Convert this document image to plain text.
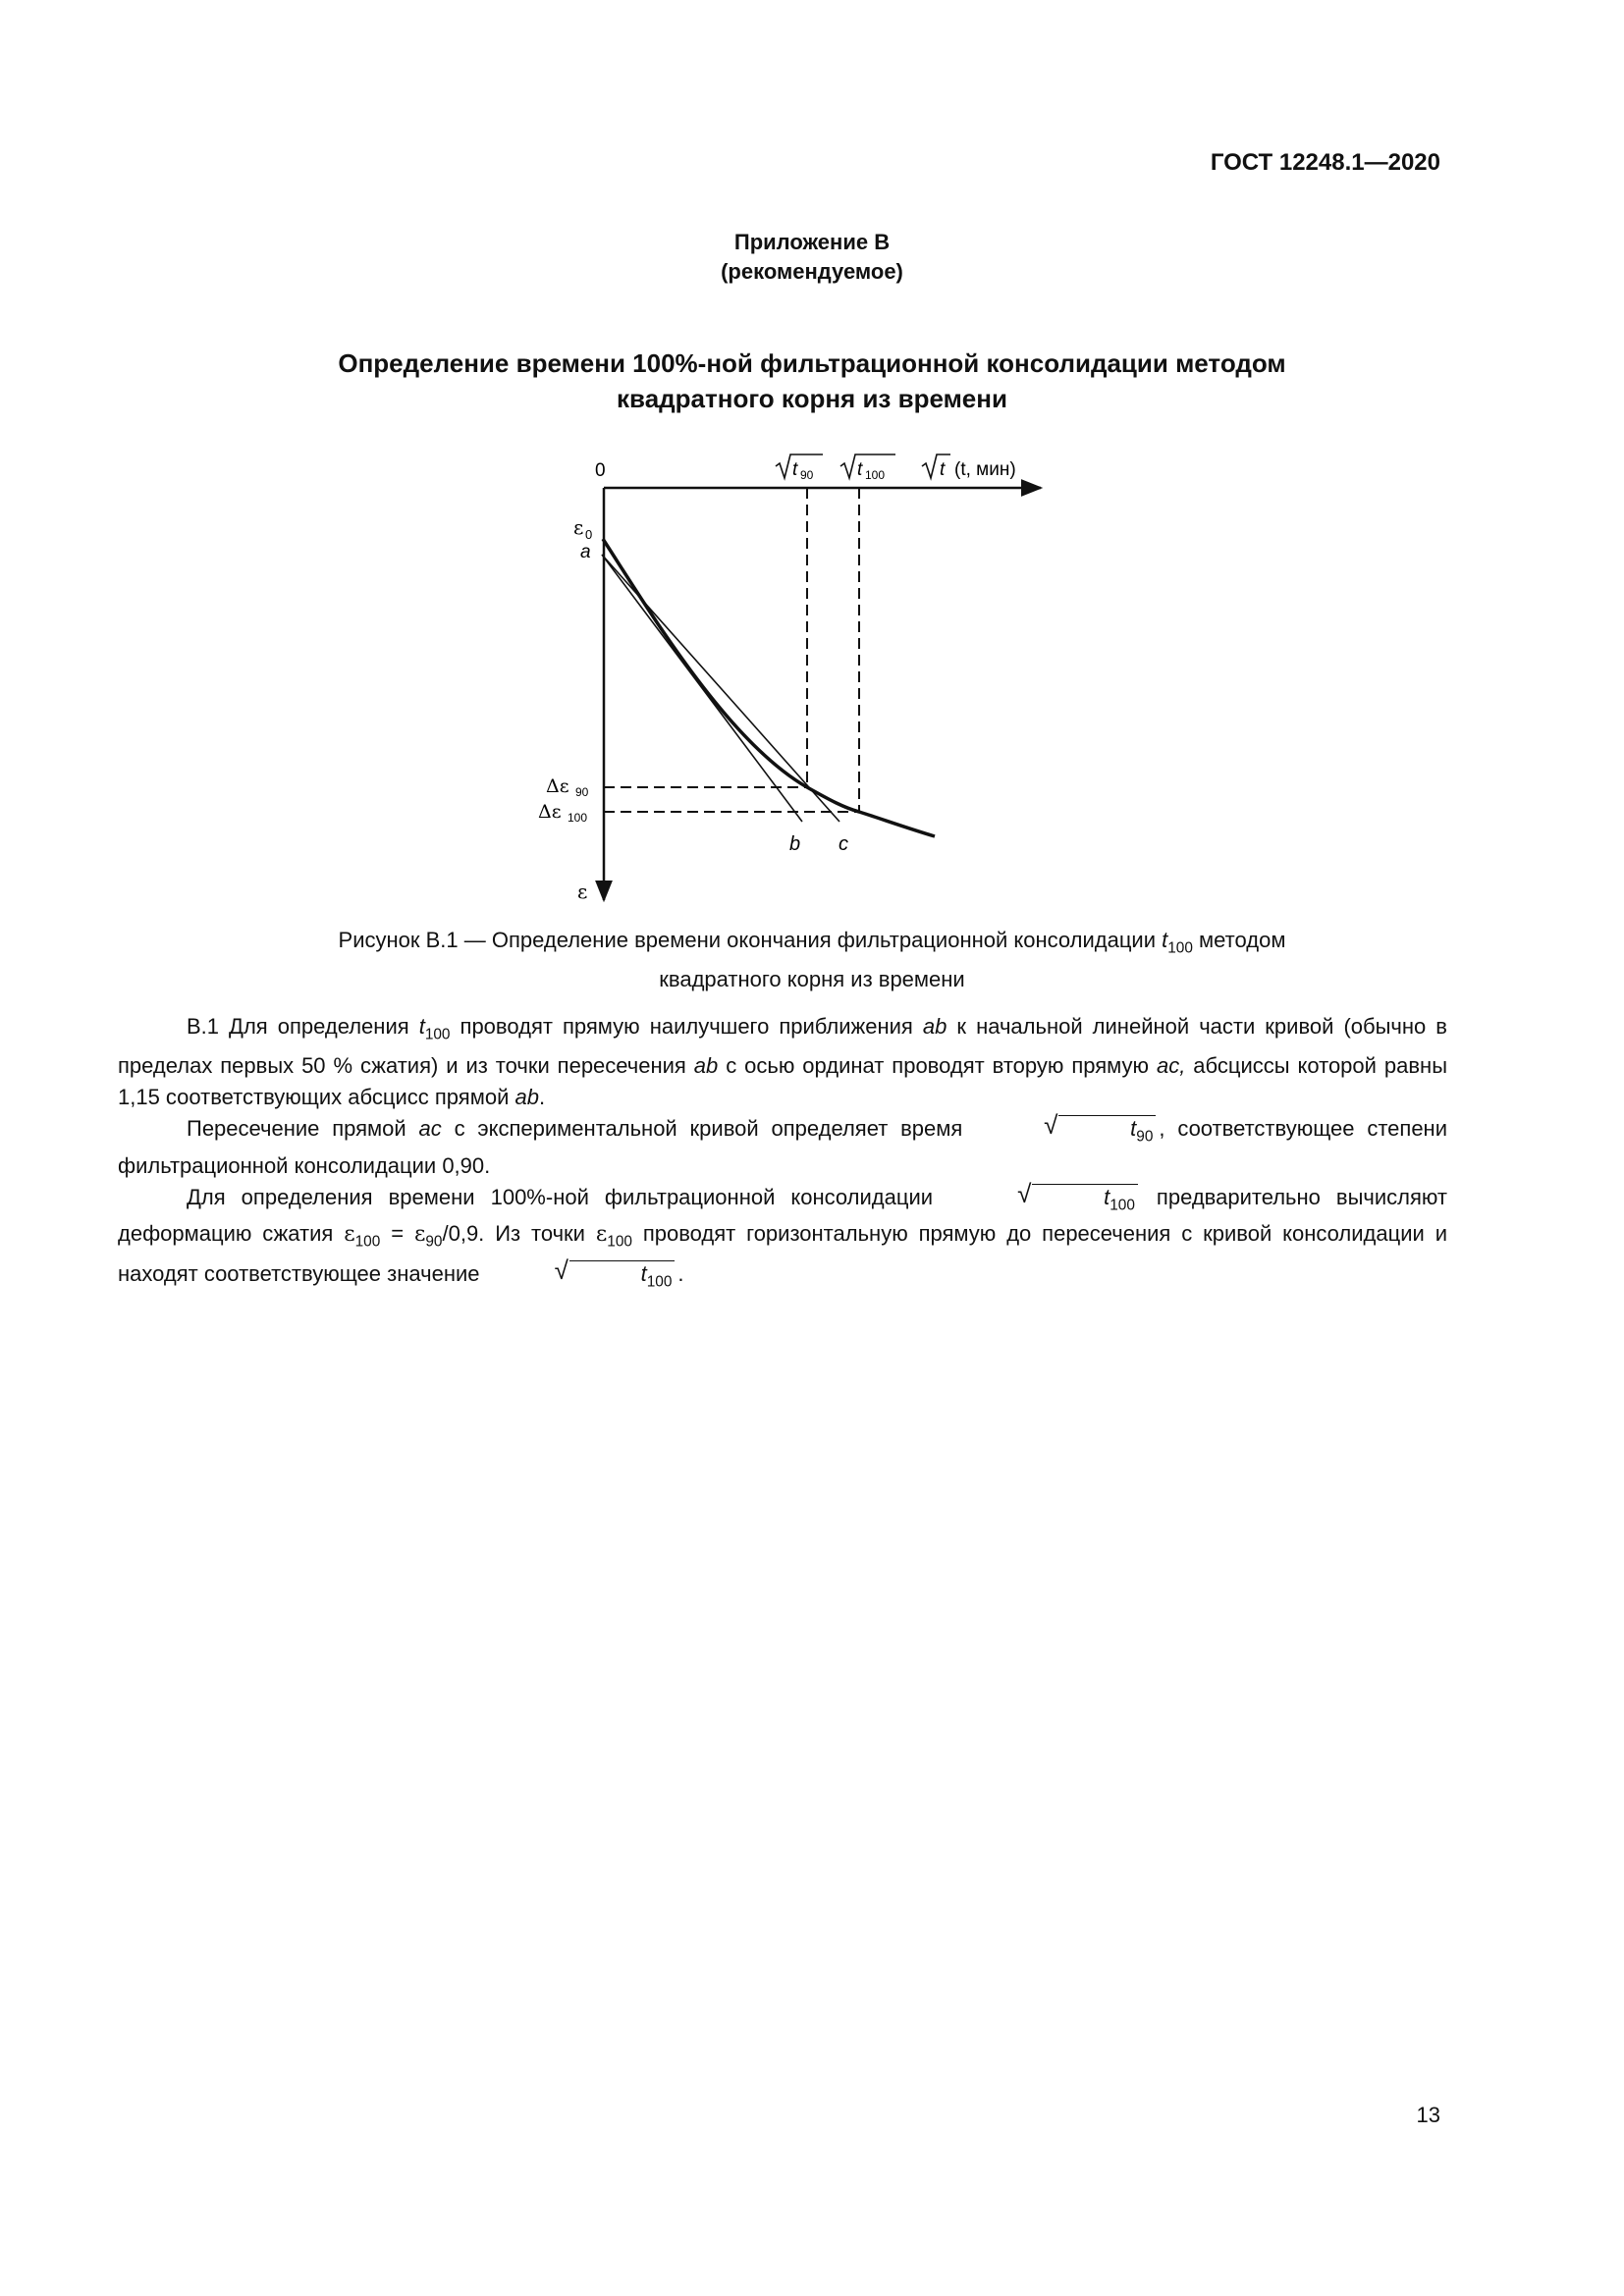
ГОСТ 12248.1—2020
Приложение В
(рекомендуемое)
Определение времени 100%-ной фильтрационной консолидации методом
квадратного корня из времени
0	t 90 t 100	t (t, мин)
ε 0
a
Δε 90
Δε 100
ε
b c
Рисунок В.1 — Определение времени окончания фильтрационной консолидации $t_{100}$ методом
квадратного корня из времени

В.1 Для определения $t_{100}$ проводят прямую наилучшего приближения ab к начальной линейной части кривой (обычно в пределах первых 50 % сжатия) и из точки пересечения ab с осью ординат проводят вторую прямую ac, абсциссы которой равны 1,15 соответствующих абсцисс прямой ab.

Пересечение прямой ac с экспериментальной кривой определяет время	√	$t_{90}$ , соответствующее степени фильтрационной консолидации 0,90.

Для определения времени 100%-ной фильтрационной консолидации	√	$t_{100}$ предварительно вычисляют деформацию сжатия $\varepsilon_{100} = \varepsilon_{90}/0,9$. Из точки $\varepsilon_{100}$ проводят горизонтальную прямую до пересечения с кривой консолидации и находят соответствующее значение	√	$t_{100}$ .

13
